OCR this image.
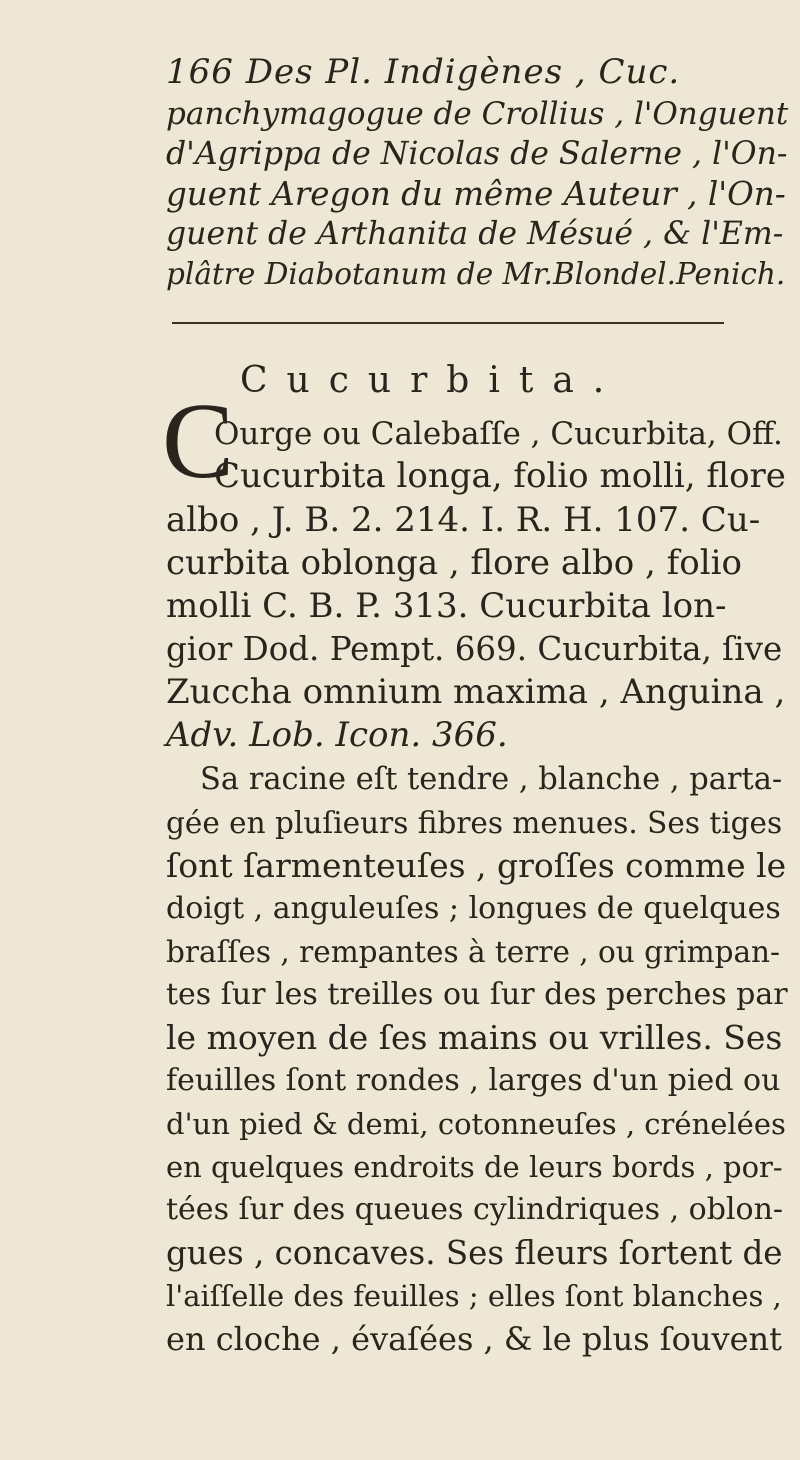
166 Des Pl. Indigènes , Cuc.
panchymagogue de Crollius , l'Onguent
d'Agrippa de Nicolas de Salerne , l'On-
guent Aregon du même Auteur , l'On-
guent de Arthanita de Mésué , & l'Em-
plâtre Diabotanum de Mr.Blondel.Penich.
Cucurbita.
C
Ourge ou Calebaſſe , Cucurbita, Off.
Cucurbita longa, folio molli, flore
albo , J. B. 2. 214. I. R. H. 107. Cu-
curbita oblonga , flore albo , folio
molli C. B. P. 313. Cucurbita lon-
gior Dod. Pempt. 669. Cucurbita, ſive
Zuccha omnium maxima , Anguina ,
Adv. Lob. Icon. 366.
Sa racine eſt tendre , blanche , parta-
gée en pluſieurs fibres menues. Ses tiges
ſont ſarmenteuſes , groſſes comme le
doigt , anguleuſes ; longues de quelques
braſſes , rempantes à terre , ou grimpan-
tes ſur les treilles ou ſur des perches par
le moyen de ſes mains ou vrilles. Ses
feuilles ſont rondes , larges d'un pied ou
d'un pied & demi, cotonneuſes , crénelées
en quelques endroits de leurs bords , por-
tées ſur des queues cylindriques , oblon-
gues , concaves. Ses fleurs ſortent de
l'aiſſelle des feuilles ; elles ſont blanches ,
en cloche , évaſées , & le plus ſouvent
